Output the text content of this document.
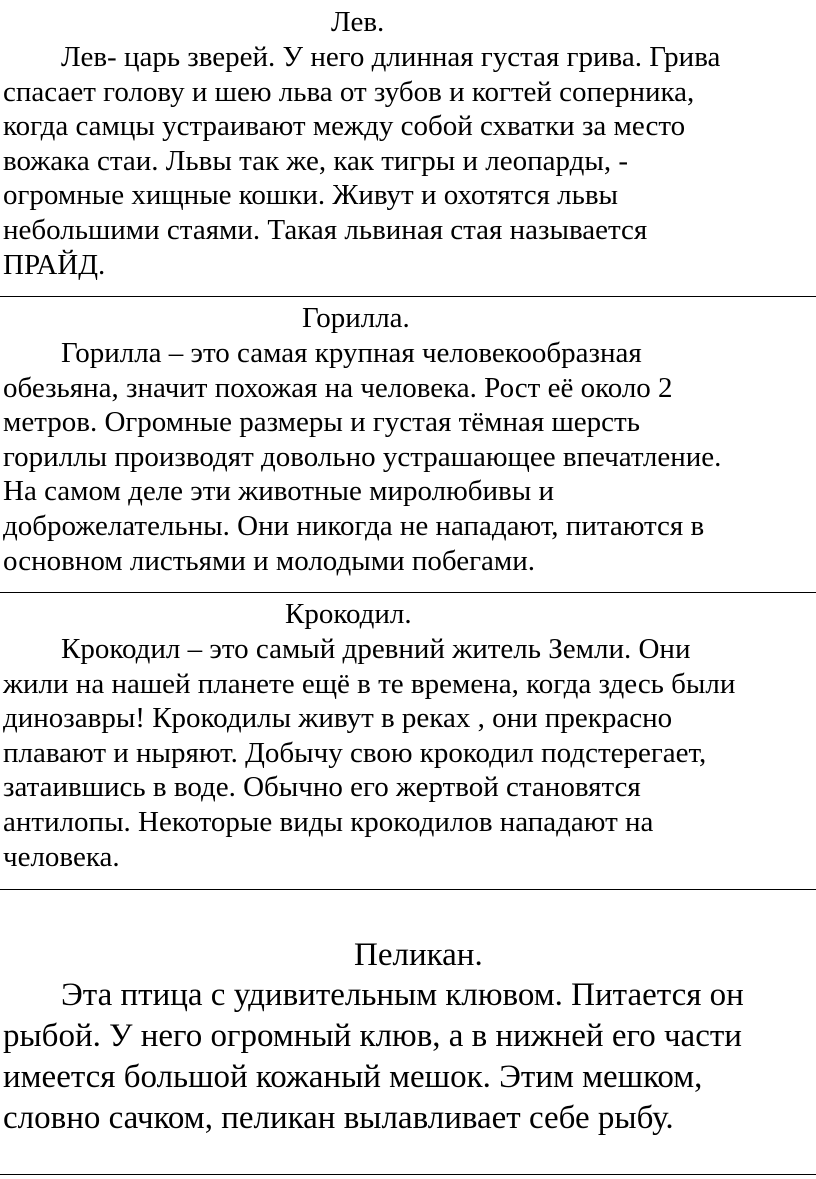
Лев.

Лев- царь зверей. У него длинная густая грива. Грива
спасает голову и шею льва от зубов и когтей соперника,
когда самцы устраивают между собой схватки за место
вожака стаи. Львы так же, как тигры и леопарды, -
огромные хищные кошки. Живут и охотятся львы
небольшими стаями. Такая львиная стая называется
ПРАЙД.

Горилла.

Горилла – это самая крупная человекообразная
обезьяна, значит похожая на человека. Рост её около 2
метров. Огромные размеры и густая тёмная шерсть
гориллы производят довольно устрашающее впечатление.
На самом деле эти животные миролюбивы и
доброжелательны. Они никогда не нападают, питаются в
основном листьями и молодыми побегами.

Крокодил.

Крокодил – это самый древний житель Земли. Они
жили на нашей планете ещё в те времена, когда здесь были
динозавры! Крокодилы живут в реках , они прекрасно
плавают и ныряют. Добычу свою крокодил подстерегает,
затаившись в воде. Обычно его жертвой становятся
антилопы. Некоторые виды крокодилов нападают на
человека.

Пеликан.

Эта птица с удивительным клювом. Питается он
рыбой. У него огромный клюв, а в нижней его части
имеется большой кожаный мешок. Этим мешком,
словно сачком, пеликан вылавливает себе рыбу.
